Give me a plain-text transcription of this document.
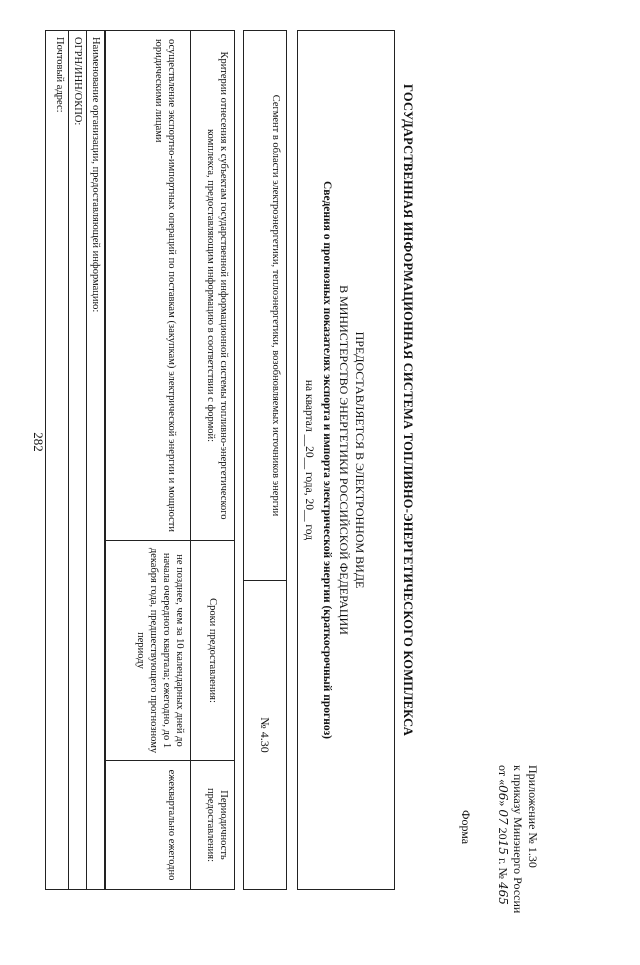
282
Приложение № 1.30
к приказу Минэнерго России
от «06» 07 2015 г. № 465
Форма
ГОСУДАРСТВЕННАЯ ИНФОРМАЦИОННАЯ СИСТЕМА ТОПЛИВНО-ЭНЕРГЕТИЧЕСКОГО КОМПЛЕКСА
ПРЕДОСТАВЛЯЕТСЯ В ЭЛЕКТРОННОМ ВИДЕ
В МИНИСТЕРСТВО ЭНЕРГЕТИКИ РОССИЙСКОЙ ФЕДЕРАЦИИ
Сегмент в области электроэнергетики, теплоэнергетики, возобновляемых источников энергии
№ 4.30
Критерии отнесения к субъектам государственной информационной системы топливно-энергетического комплекса, предоставляющим информацию в соответствии с формой:
осуществление экспортно-импортных операций по поставкам (закупкам) электрической энергии и мощности юридическими лицами
Сроки предоставления:
не позднее, чем за 10 календарных дней до начала очередного квартала; ежегодно, до 1 декабря года, предшествующего прогнозному периоду
Периодичность предоставления:
ежеквартально ежегодно
Наименование организации, предоставляющей информацию:
ОГРН/ИНН/ОКПО:
Почтовый адрес:
Сведения о прогнозных показателях экспорта и импорта электрической энергии (краткосрочный прогноз)
на квартал __20__ года, 20__ год
